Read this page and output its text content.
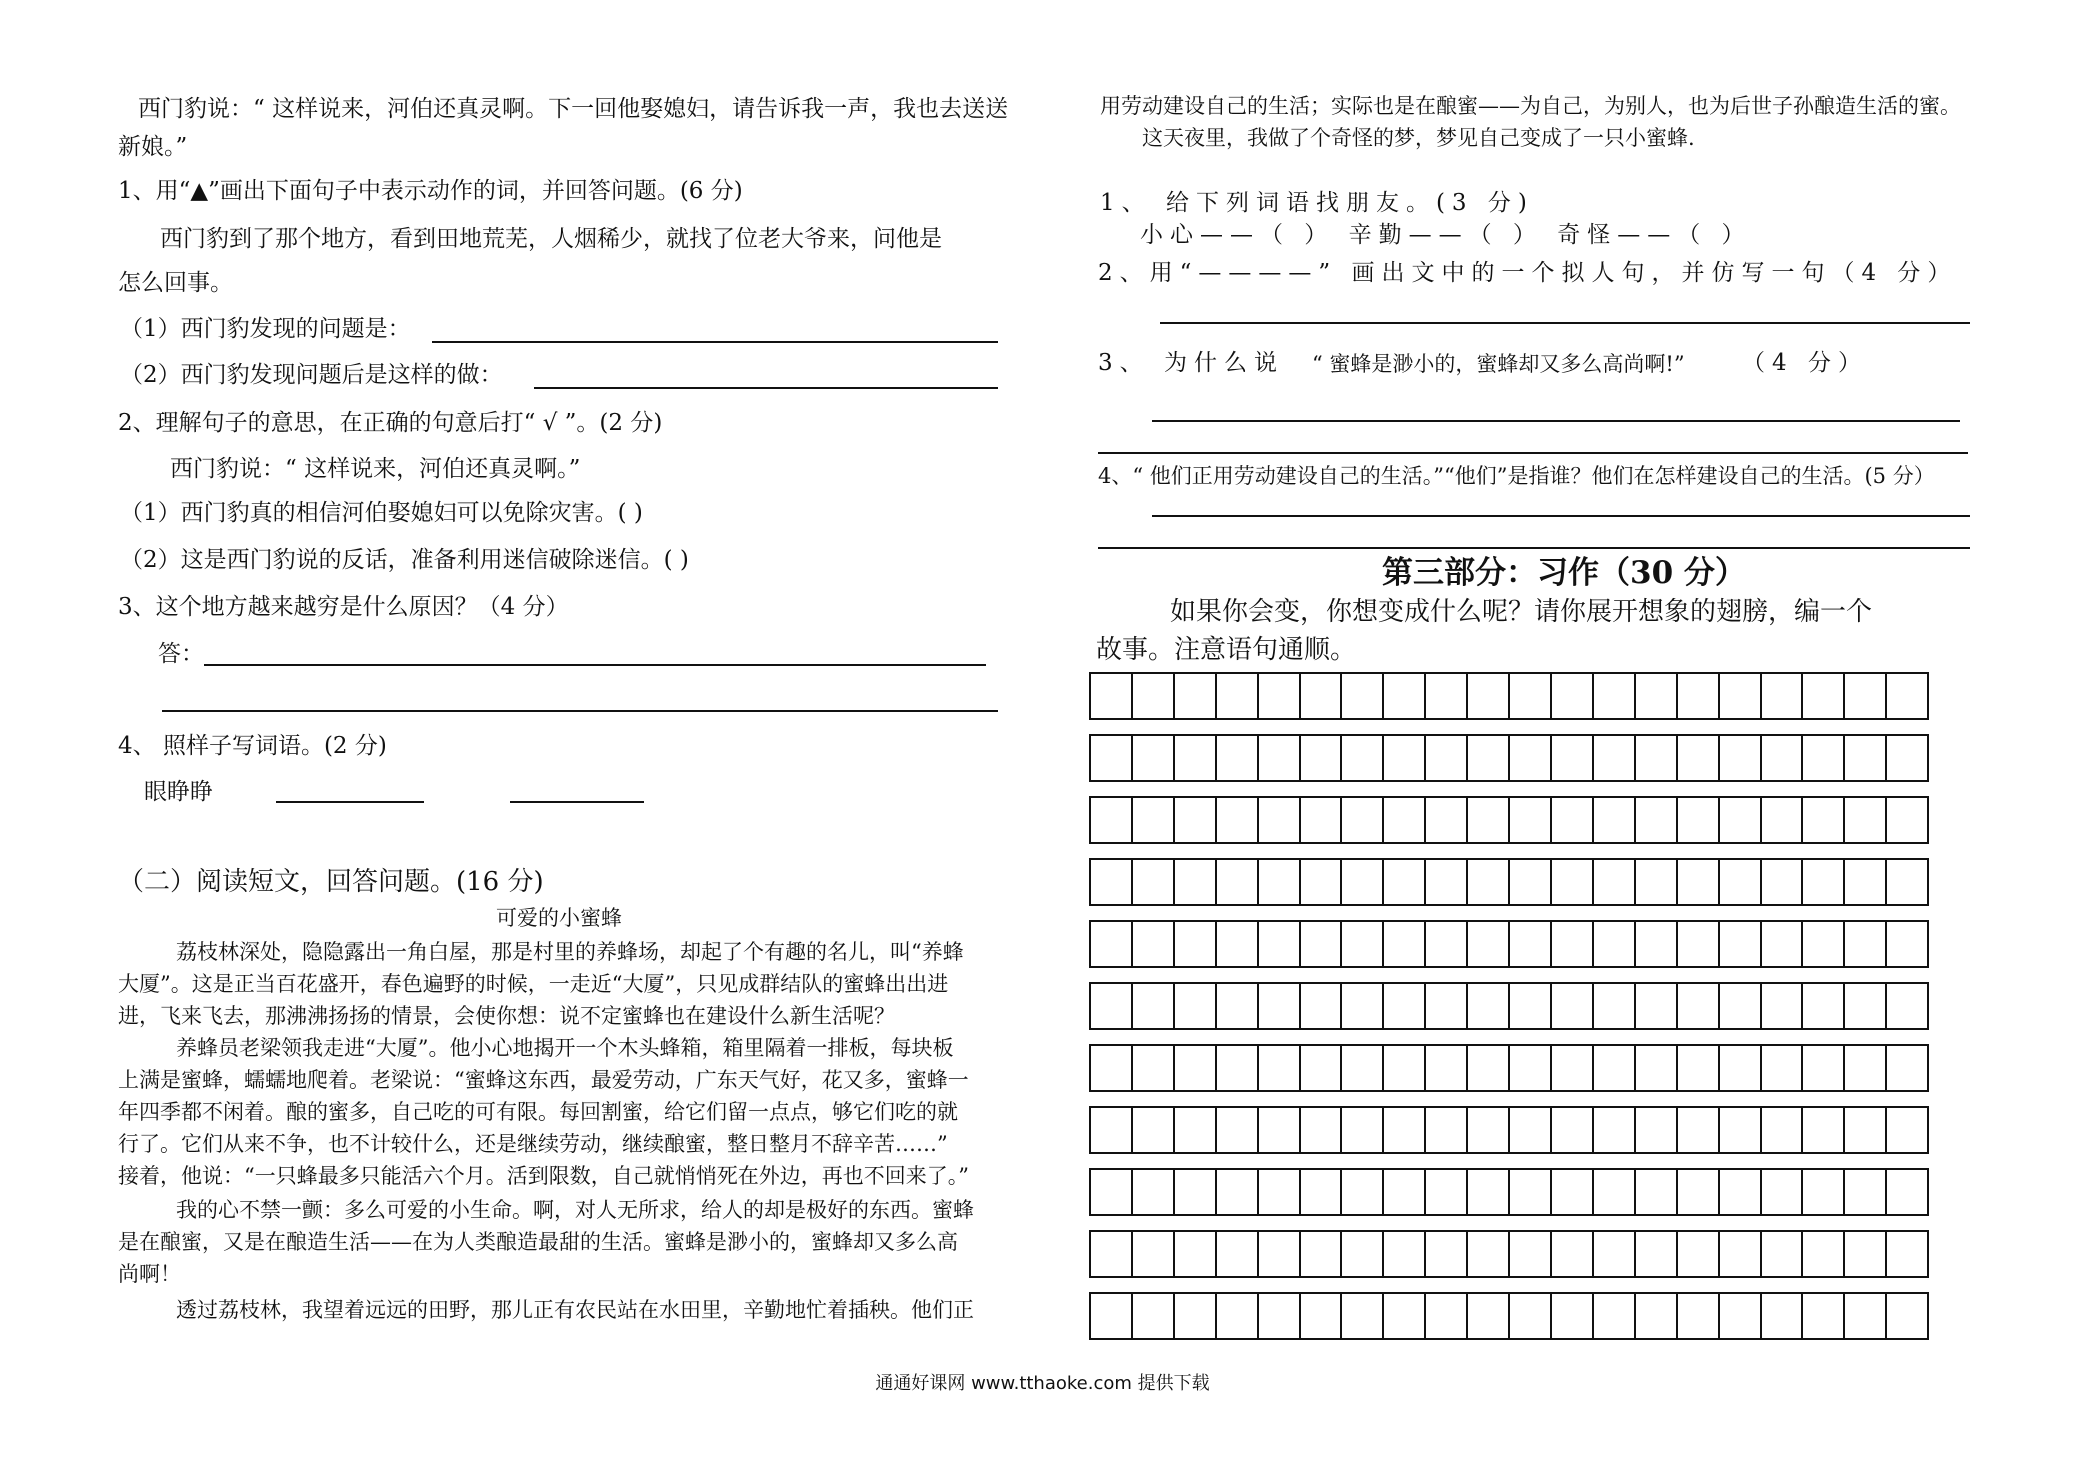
西门豹说：“ 这样说来，河伯还真灵啊。下一回他娶媳妇，请告诉我一声，我也去送送
新娘。”
1、用“▲”画出下面句子中表示动作的词，并回答问题。(6 分)
西门豹到了那个地方，看到田地荒芜，人烟稀少，就找了位老大爷来，问他是
怎么回事。
（1）西门豹发现的问题是：
（2）西门豹发现问题后是这样的做：
2、理解句子的意思，在正确的句意后打“ √ ”。(2 分)
西门豹说：“ 这样说来，河伯还真灵啊。”
（1）西门豹真的相信河伯娶媳妇可以免除灾害。( )
（2）这是西门豹说的反话，准备利用迷信破除迷信。( )
3、这个地方越来越穷是什么原因？（4 分）
答：
4、 照样子写词语。(2 分)
眼睁睁
（二）阅读短文，回答问题。(16 分)
可爱的小蜜蜂
荔枝林深处，隐隐露出一角白屋，那是村里的养蜂场，却起了个有趣的名儿，叫“养蜂
大厦”。这是正当百花盛开，春色遍野的时候，一走近“大厦”，只见成群结队的蜜蜂出出进
进，飞来飞去，那沸沸扬扬的情景，会使你想：说不定蜜蜂也在建设什么新生活呢？
养蜂员老梁领我走进“大厦”。他小心地揭开一个木头蜂箱，箱里隔着一排板，每块板
上满是蜜蜂，蠕蠕地爬着。老梁说：“蜜蜂这东西，最爱劳动，广东天气好，花又多，蜜蜂一
年四季都不闲着。酿的蜜多，自己吃的可有限。每回割蜜，给它们留一点点，够它们吃的就
行了。它们从来不争，也不计较什么，还是继续劳动，继续酿蜜，整日整月不辞辛苦……”
接着，他说：“一只蜂最多只能活六个月。活到限数，自己就悄悄死在外边，再也不回来了。”
我的心不禁一颤：多么可爱的小生命。啊，对人无所求，给人的却是极好的东西。蜜蜂
是在酿蜜，又是在酿造生活——在为人类酿造最甜的生活。蜜蜂是渺小的，蜜蜂却又多么高
尚啊！
透过荔枝林，我望着远远的田野，那儿正有农民站在水田里，辛勤地忙着插秧。他们正
用劳动建设自己的生活；实际也是在酿蜜——为自己，为别人，也为后世子孙酿造生活的蜜。
这天夜里，我做了个奇怪的梦，梦见自己变成了一只小蜜蜂.
1、 给下列词语找朋友。(3 分)
小心——（ ） 辛勤——（ ） 奇怪——（ ）
2、用“————” 画出文中的一个拟人句，并仿写一句（4 分）
3、 为什么说 “ 蜜蜂是渺小的，蜜蜂却又多么高尚啊!” （4 分）
4、“ 他们正用劳动建设自己的生活。”“他们”是指谁？他们在怎样建设自己的生活。(5 分）
第三部分：习作（30 分）
如果你会变，你想变成什么呢？请你展开想象的翅膀，编一个
故事。注意语句通顺。
通通好课网 www.tthaoke.com 提供下载
